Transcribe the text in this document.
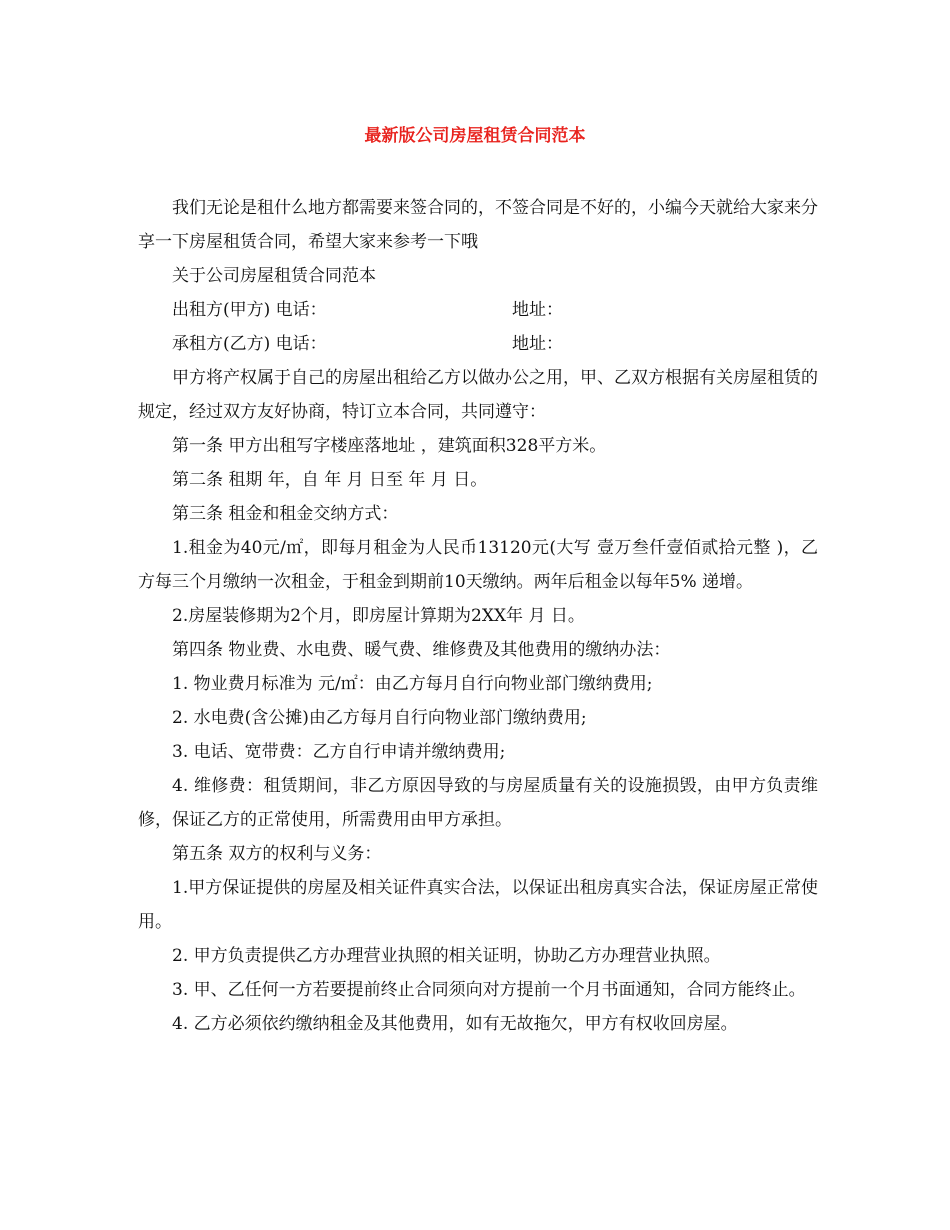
最新版公司房屋租赁合同范本

我们无论是租什么地方都需要来签合同的，不签合同是不好的，小编今天就给大家来分享一下房屋租赁合同，希望大家来参考一下哦

关于公司房屋租赁合同范本

出租方(甲方) 电话：	地址：
承租方(乙方) 电话：	地址：

甲方将产权属于自己的房屋出租给乙方以做办公之用，甲、乙双方根据有关房屋租赁的规定，经过双方友好协商，特订立本合同，共同遵守：

第一条 甲方出租写字楼座落地址 ，建筑面积328平方米。

第二条 租期 年，自 年 月 日至 年 月 日。

第三条 租金和租金交纳方式：

1.租金为40元/㎡，即每月租金为人民币13120元(大写 壹万叁仟壹佰贰拾元整 )，乙方每三个月缴纳一次租金，于租金到期前10天缴纳。两年后租金以每年5% 递增。

2.房屋装修期为2个月，即房屋计算期为2XX年 月 日。

第四条 物业费、水电费、暖气费、维修费及其他费用的缴纳办法：

1. 物业费月标准为 元/㎡：由乙方每月自行向物业部门缴纳费用;

2. 水电费(含公摊)由乙方每月自行向物业部门缴纳费用;

3. 电话、宽带费：乙方自行申请并缴纳费用;

4. 维修费：租赁期间，非乙方原因导致的与房屋质量有关的设施损毁，由甲方负责维修，保证乙方的正常使用，所需费用由甲方承担。

第五条 双方的权利与义务：

1.甲方保证提供的房屋及相关证件真实合法，以保证出租房真实合法，保证房屋正常使用。

2. 甲方负责提供乙方办理营业执照的相关证明，协助乙方办理营业执照。

3. 甲、乙任何一方若要提前终止合同须向对方提前一个月书面通知，合同方能终止。

4. 乙方必须依约缴纳租金及其他费用，如有无故拖欠，甲方有权收回房屋。
